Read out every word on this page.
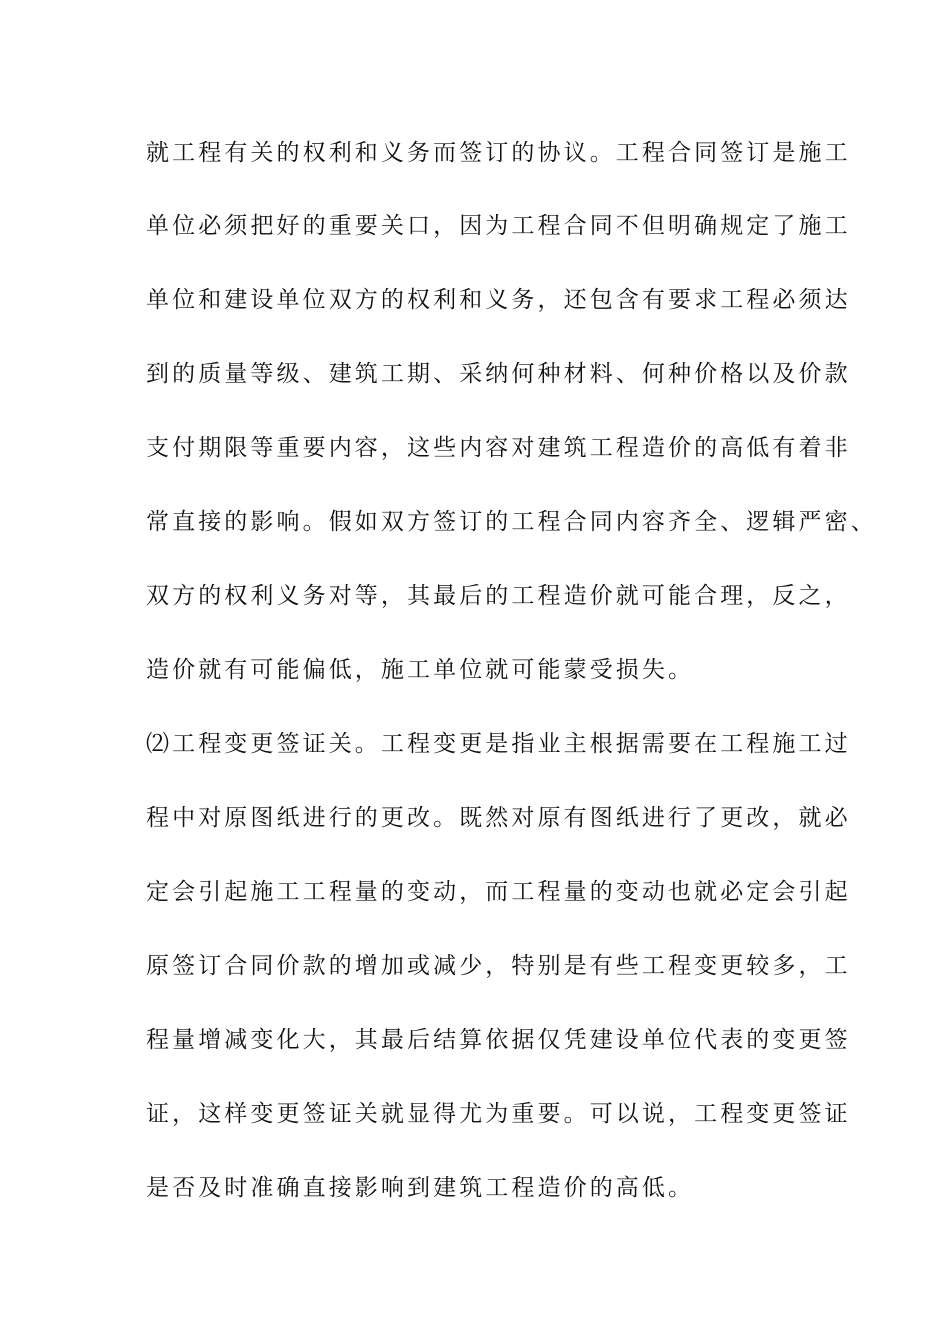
就工程有关的权利和义务而签订的协议。工程合同签订是施工
单位必须把好的重要关口，因为工程合同不但明确规定了施工
单位和建设单位双方的权利和义务，还包含有要求工程必须达
到的质量等级、建筑工期、采纳何种材料、何种价格以及价款
支付期限等重要内容，这些内容对建筑工程造价的高低有着非
常直接的影响。假如双方签订的工程合同内容齐全、逻辑严密、
双方的权利义务对等，其最后的工程造价就可能合理，反之，
造价就有可能偏低，施工单位就可能蒙受损失。
⑵工程变更签证关。工程变更是指业主根据需要在工程施工过
程中对原图纸进行的更改。既然对原有图纸进行了更改，就必
定会引起施工工程量的变动，而工程量的变动也就必定会引起
原签订合同价款的增加或减少，特别是有些工程变更较多，工
程量增减变化大，其最后结算依据仅凭建设单位代表的变更签
证，这样变更签证关就显得尤为重要。可以说，工程变更签证
是否及时准确直接影响到建筑工程造价的高低。
